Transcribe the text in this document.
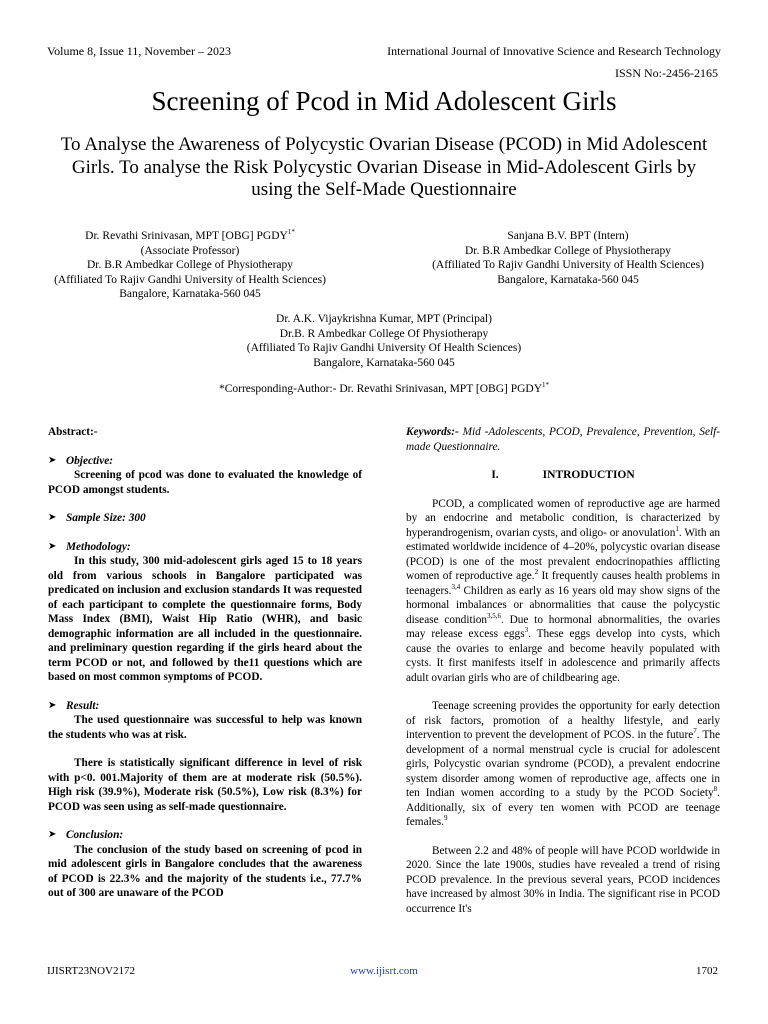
Volume 8, Issue 11, November – 2023	International Journal of Innovative Science and Research Technology
ISSN No:-2456-2165
Screening of Pcod in Mid Adolescent Girls
To Analyse the Awareness of Polycystic Ovarian Disease (PCOD) in Mid Adolescent Girls. To analyse the Risk Polycystic Ovarian Disease in Mid-Adolescent Girls by using the Self-Made Questionnaire
Dr. Revathi Srinivasan, MPT [OBG] $PGDY^{1*}$
(Associate Professor)
Dr. B.R Ambedkar College of Physiotherapy
(Affiliated To Rajiv Gandhi University of Health Sciences)
Bangalore, Karnataka-560 045
Sanjana B.V. BPT (Intern)
Dr. B.R Ambedkar College of Physiotherapy
(Affiliated To Rajiv Gandhi University of Health Sciences)
Bangalore, Karnataka-560 045
Dr. A.K. Vijaykrishna Kumar, MPT (Principal)
Dr.B. R Ambedkar College Of Physiotherapy
(Affiliated To Rajiv Gandhi University Of Health Sciences)
Bangalore, Karnataka-560 045
*Corresponding-Author:- Dr. Revathi Srinivasan, MPT [OBG] $PGDY^{1*}$

Abstract:-

➤ Objective:

Screening of pcod was done to evaluated the knowledge of PCOD amongst students.

➤ Sample Size: 300
➤ Methodology:

In this study, 300 mid-adolescent girls aged 15 to 18 years old from various schools in Bangalore participated was predicated on inclusion and exclusion standards It was requested of each participant to complete the questionnaire forms, Body Mass Index (BMI), Waist Hip Ratio (WHR), and basic demographic information are all included in the questionnaire. and preliminary question regarding if the girls heard about the term PCOD or not, and followed by the11 questions which are based on most common symptoms of PCOD.

➤ Result:

The used questionnaire was successful to help was known the students who was at risk.

There is statistically significant difference in level of risk with p<0. 001.Majority of them are at moderate risk (50.5%). High risk (39.9%), Moderate risk (50.5%), Low risk (8.3%) for PCOD was seen using as self-made questionnaire.

➤ Conclusion:

The conclusion of the study based on screening of pcod in mid adolescent girls in Bangalore concludes that the awareness of PCOD is 22.3% and the majority of the students i.e., 77.7% out of 300 are unaware of the PCOD

Keywords:- Mid -Adolescents, PCOD, Prevalence, Prevention, Self-made Questionnaire.

I.	INTRODUCTION

PCOD, a complicated women of reproductive age are harmed by an endocrine and metabolic condition, is characterized by hyperandrogenism, ovarian cysts, and oligo- or anovulation$^1$. With an estimated worldwide incidence of 4–20%, polycystic ovarian disease (PCOD) is one of the most prevalent endocrinopathies afflicting women of reproductive age.$^2$ It frequently causes health problems in teenagers.$^{3,4}$ Children as early as 16 years old may show signs of the hormonal imbalances or abnormalities that cause the polycystic disease condition$^{3,5,6}$. Due to hormonal abnormalities, the ovaries may release excess eggs$^3$. These eggs develop into cysts, which cause the ovaries to enlarge and become heavily populated with cysts. It first manifests itself in adolescence and primarily affects adult ovarian girls who are of childbearing age.

Teenage screening provides the opportunity for early detection of risk factors, promotion of a healthy lifestyle, and early intervention to prevent the development of PCOS. in the future$^7$. The development of a normal menstrual cycle is crucial for adolescent girls, Polycystic ovarian syndrome (PCOD), a prevalent endocrine system disorder among women of reproductive age, affects one in ten Indian women according to a study by the PCOD Society$^8$. Additionally, six of every ten women with PCOD are teenage females.$^9$

Between 2.2 and 48% of people will have PCOD worldwide in 2020. Since the late 1900s, studies have revealed a trend of rising PCOD prevalence. In the previous several years, PCOD incidences have increased by almost 30% in India. The significant rise in PCOD occurrence It's

IJISRT23NOV2172	www.ijisrt.com	1702
